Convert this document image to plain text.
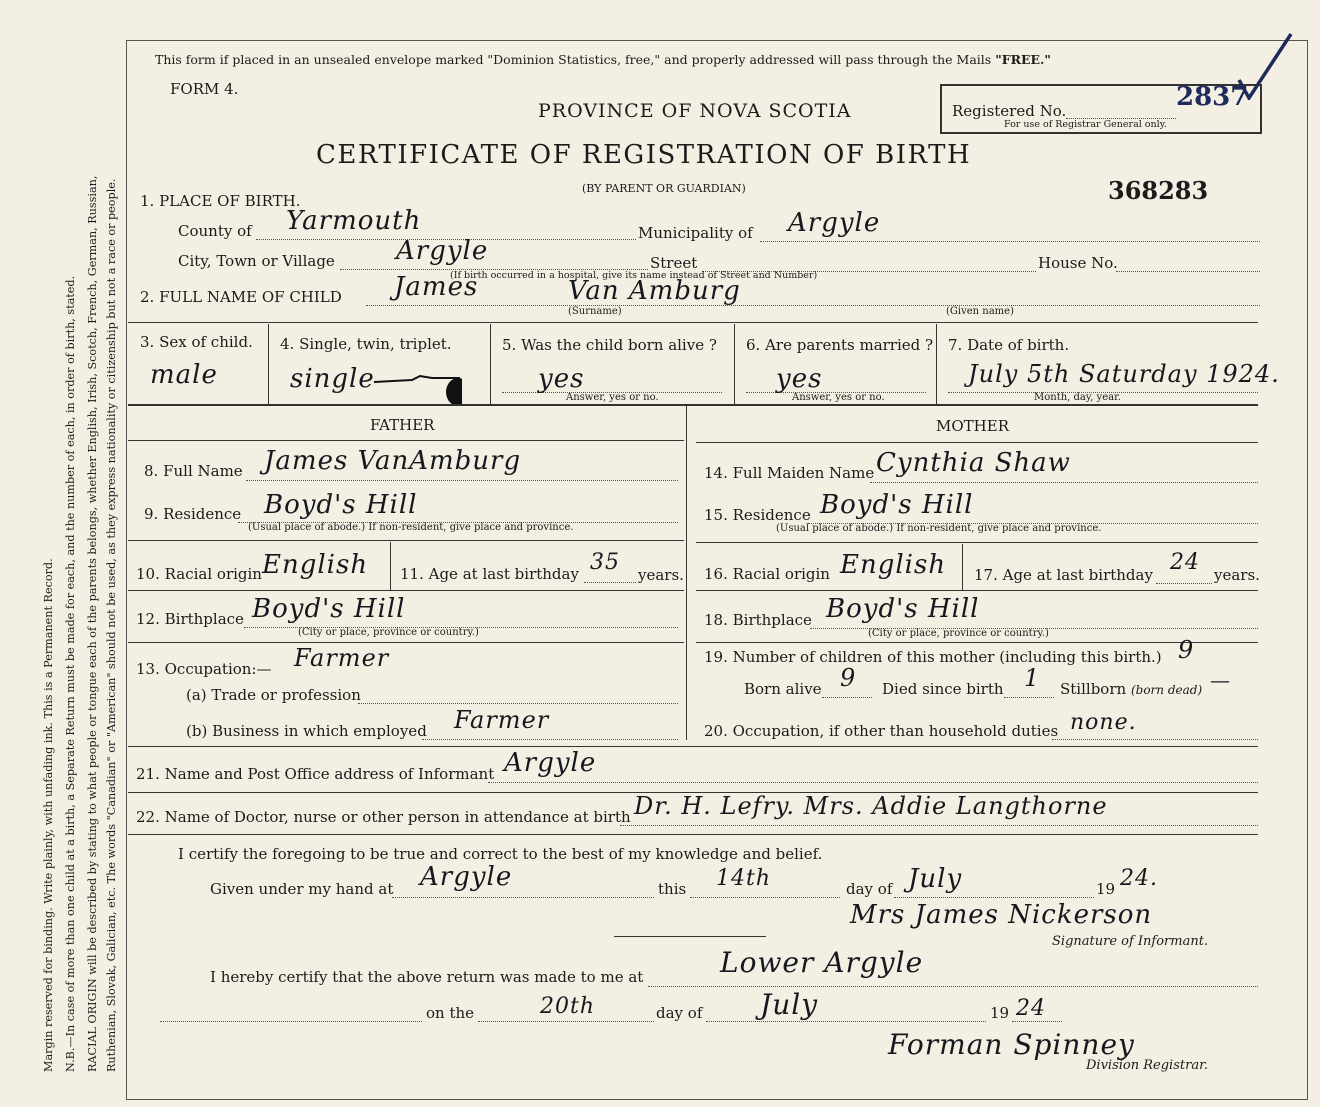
Margin reserved for binding. Write plainly, with unfading ink. This is a Permanent Record. N.B.—In case of more than one child at a birth, a Separate Return must be made for each, and the number of each, in order of birth, stated. RACIAL ORIGIN will be described by stating to what people or tongue each of the parents belongs, whether English, Irish, Scotch, French, German, Russian, Ruthenian, Slovak, Galician, etc. The words "Canadian" or "American" should not be used, as they express nationality or citizenship but not a race or people.
This form if placed in an unsealed envelope marked "Dominion Statistics, free," and properly addressed will pass through the Mails "FREE."
FORM 4.
PROVINCE OF NOVA SCOTIA
CERTIFICATE OF REGISTRATION OF BIRTH
(BY PARENT OR GUARDIAN)
Registered No.	2837
For use of Registrar General only.
368283
1. PLACE OF BIRTH.
County of Yarmouth	Municipality of Argyle
City, Town or Village Argyle	Street	House No.
(If birth occurred in a hospital, give its name instead of Street and Number)
2. FULL NAME OF CHILD James	Van Amburg
(Surname)	(Given name)
3. Sex of child.
male
4. Single, twin, triplet.
single
5. Was the child born alive ?
yes
Answer, yes or no.
6. Are parents married ?
yes
Answer, yes or no.
7. Date of birth.
July 5th Saturday 1924.
Month, day, year.
FATHER	MOTHER
8. Full Name James VanAmburg	14. Full Maiden Name Cynthia Shaw
9. Residence Boyd's Hill
(Usual place of abode.) If non-resident, give place and province.
15. Residence Boyd's Hill
(Usual place of abode.) If non-resident, give place and province.
10. Racial origin English 11. Age at last birthday 35 years. 16. Racial origin English 17. Age at last birthday 24 years.
12. Birthplace Boyd's Hill
(City or place, province or country.)
18. Birthplace Boyd's Hill
(City or place, province or country.)
13. Occupation:— Farmer
(a) Trade or profession
(b) Business in which employed Farmer
19. Number of children of this mother (including this birth.) 9
Born alive 9 Died since birth 1 Stillborn (born dead) —
20. Occupation, if other than household duties none.
21. Name and Post Office address of Informant Argyle
22. Name of Doctor, nurse or other person in attendance at birth Dr. H. Lefry. Mrs. Addie Langthorne
I certify the foregoing to be true and correct to the best of my knowledge and belief.
Given under my hand at Argyle	this 14th	day of July	19 24.
Mrs James Nickerson
Signature of Informant.
I hereby certify that the above return was made to me at	Lower Argyle
on the	20th	day of July	19 24
Forman Spinney
Division Registrar.
